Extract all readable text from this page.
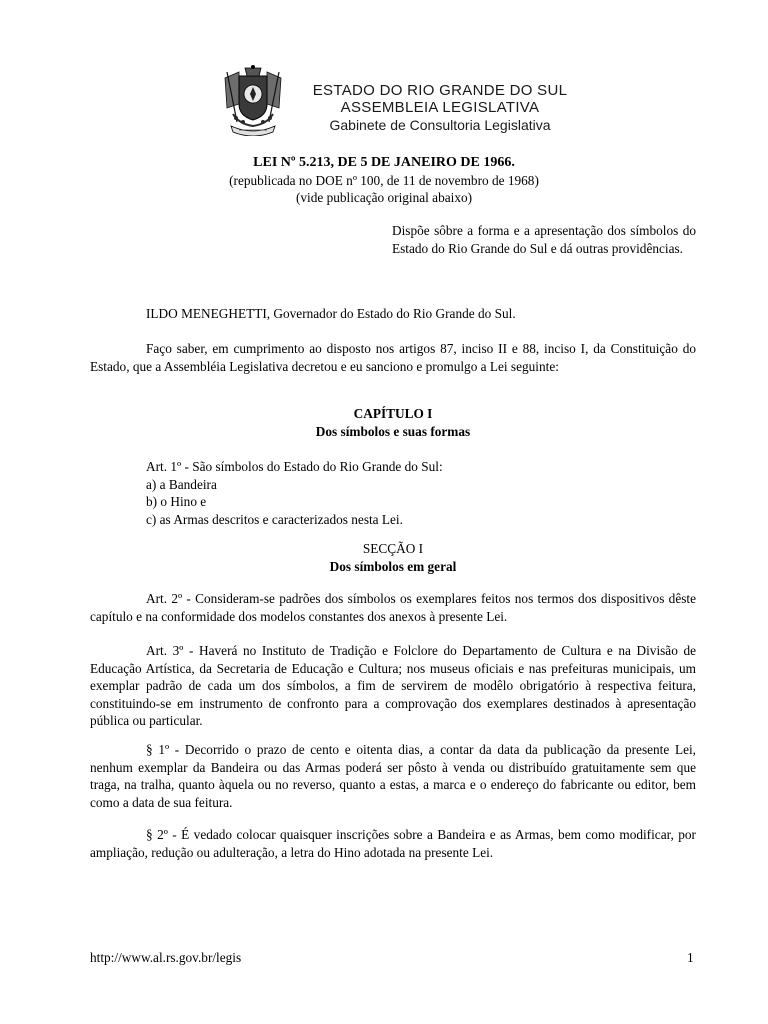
ESTADO DO RIO GRANDE DO SUL
ASSEMBLEIA LEGISLATIVA
Gabinete de Consultoria Legislativa
LEI Nº 5.213, DE 5 DE JANEIRO DE 1966.
(republicada no DOE nº 100, de 11 de novembro de 1968)
(vide publicação original abaixo)
Dispõe sôbre a forma e a apresentação dos símbolos do Estado do Rio Grande do Sul e dá outras providências.

ILDO MENEGHETTI, Governador do Estado do Rio Grande do Sul.

Faço saber, em cumprimento ao disposto nos artigos 87, inciso II e 88, inciso I, da Constituição do Estado, que a Assembléia Legislativa decretou e eu sanciono e promulgo a Lei seguinte:

CAPÍTULO I
Dos símbolos e suas formas
Art. 1º - São símbolos do Estado do Rio Grande do Sul:
a) a Bandeira
b) o Hino e
c) as Armas descritos e caracterizados nesta Lei.
SECÇÃO I
Dos símbolos em geral

Art. 2º - Consideram-se padrões dos símbolos os exemplares feitos nos termos dos dispositivos dêste capítulo e na conformidade dos modelos constantes dos anexos à presente Lei.

Art. 3º - Haverá no Instituto de Tradição e Folclore do Departamento de Cultura e na Divisão de Educação Artística, da Secretaria de Educação e Cultura; nos museus oficiais e nas prefeituras municipais, um exemplar padrão de cada um dos símbolos, a fim de servirem de modêlo obrigatório à respectiva feitura, constituindo-se em instrumento de confronto para a comprovação dos exemplares destinados à apresentação pública ou particular.

§ 1º - Decorrido o prazo de cento e oitenta dias, a contar da data da publicação da presente Lei, nenhum exemplar da Bandeira ou das Armas poderá ser pôsto à venda ou distribuído gratuitamente sem que traga, na tralha, quanto àquela ou no reverso, quanto a estas, a marca e o endereço do fabricante ou editor, bem como a data de sua feitura.

§ 2º - É vedado colocar quaisquer inscrições sobre a Bandeira e as Armas, bem como modificar, por ampliação, redução ou adulteração, a letra do Hino adotada na presente Lei.

http://www.al.rs.gov.br/legis	1
